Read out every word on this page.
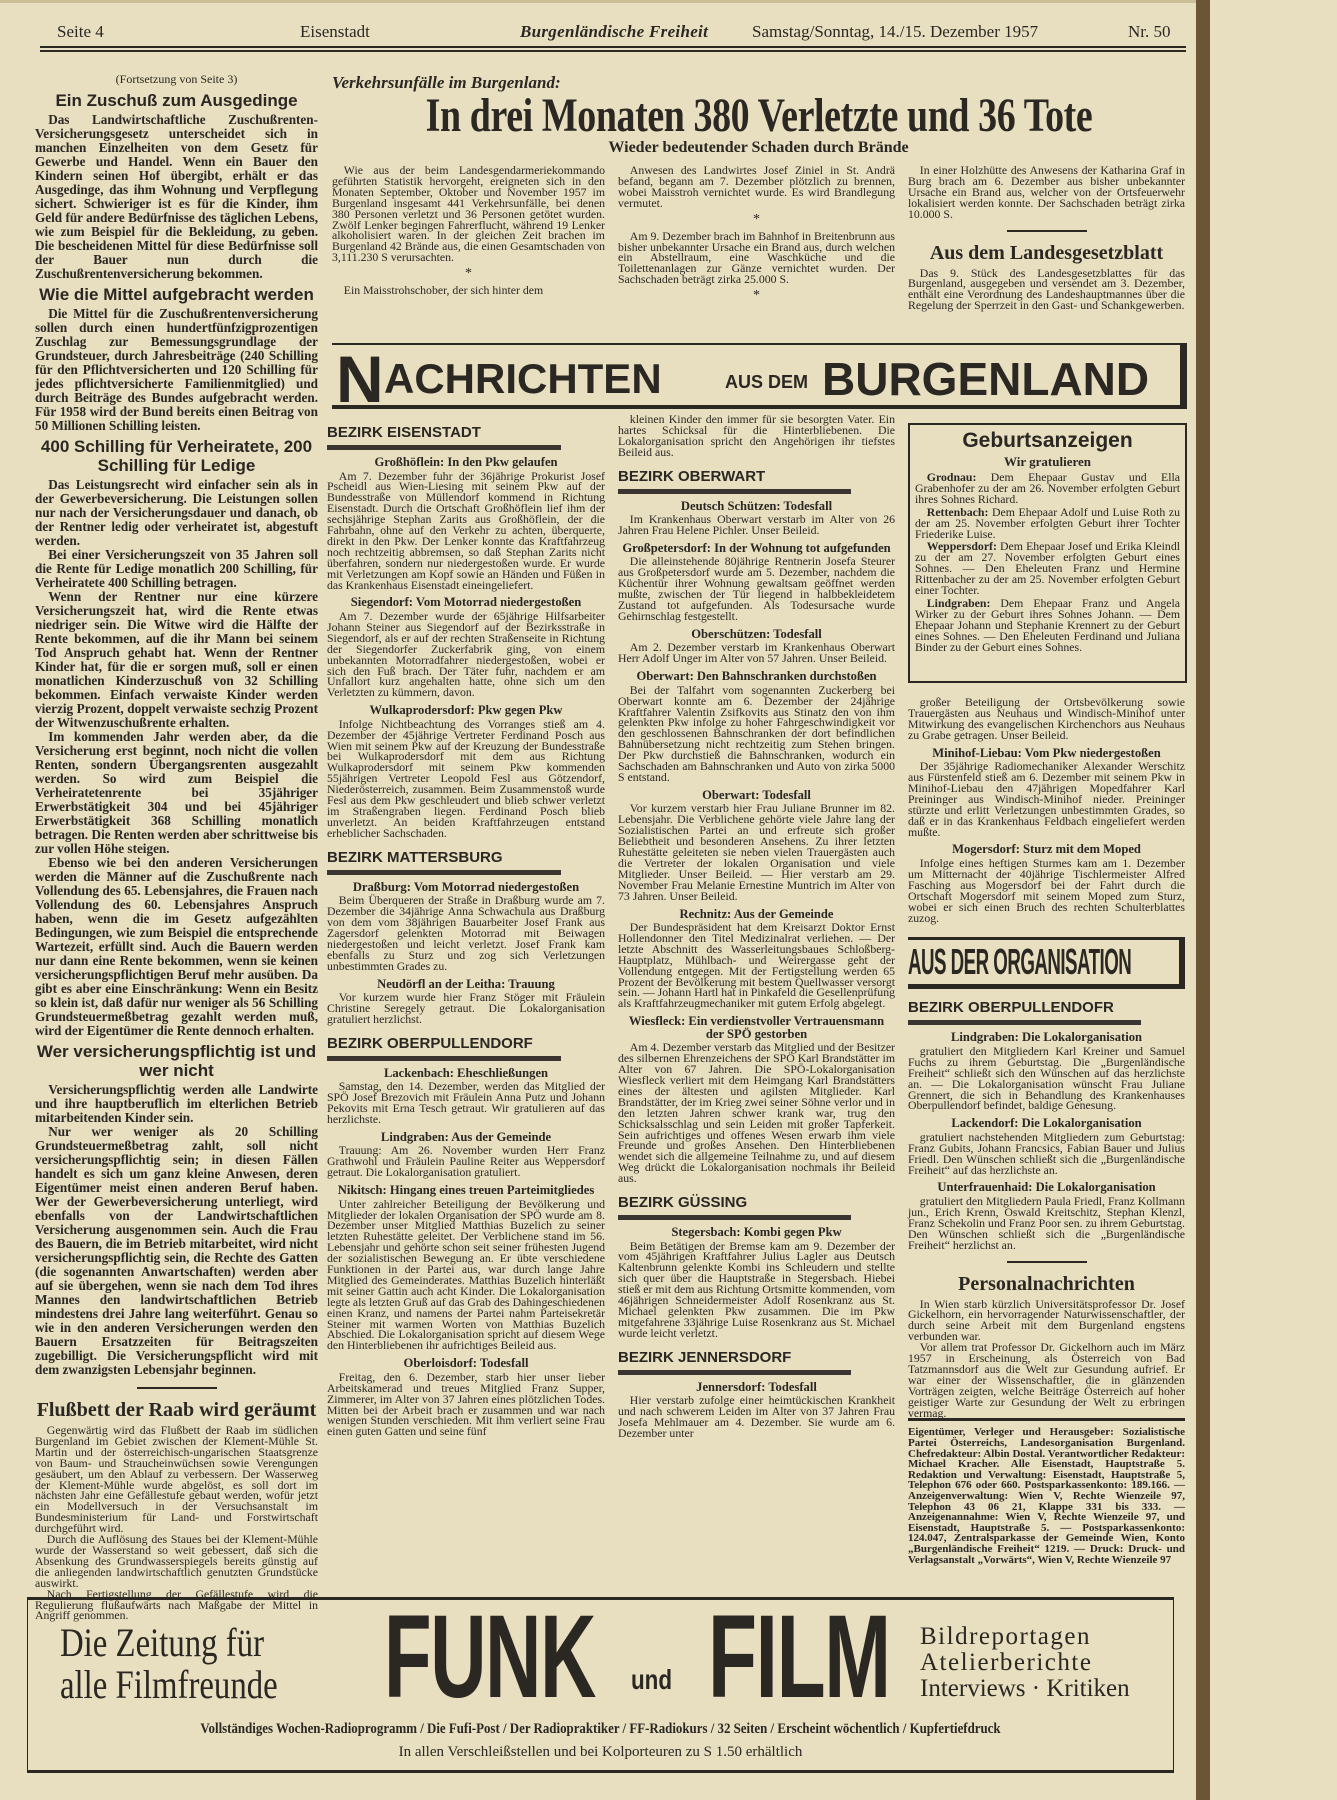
Seite 4	Eisenstadt	Burgenländische Freiheit	Samstag/Sonntag, 14./15. Dezember 1957	Nr. 50
(Fortsetzung von Seite 3)
Ein Zuschuß zum Ausgedinge
Das Landwirtschaftliche Zuschußrenten-Versicherungsgesetz unterscheidet sich in manchen Einzelheiten von dem Gesetz für Gewerbe und Handel. Wenn ein Bauer den Kindern seinen Hof übergibt, erhält er das Ausgedinge, das ihm Wohnung und Verpflegung sichert. Schwieriger ist es für die Kinder, ihm Geld für andere Bedürfnisse des täglichen Lebens, wie zum Beispiel für die Bekleidung, zu geben. Die bescheidenen Mittel für diese Bedürfnisse soll der Bauer nun durch die Zuschußrentenversicherung bekommen.
Wie die Mittel aufgebracht werden
Die Mittel für die Zuschußrentenversicherung sollen durch einen hundertfünfzigprozentigen Zuschlag zur Bemessungsgrundlage der Grundsteuer, durch Jahresbeiträge (240 Schilling für den Pflichtversicherten und 120 Schilling für jedes pflichtversicherte Familienmitglied) und durch Beiträge des Bundes aufgebracht werden. Für 1958 wird der Bund bereits einen Beitrag von 50 Millionen Schilling leisten.
400 Schilling für Verheiratete, 200 Schilling für Ledige
Das Leistungsrecht wird einfacher sein als in der Gewerbeversicherung. Die Leistungen sollen nur nach der Versicherungsdauer und danach, ob der Rentner ledig oder verheiratet ist, abgestuft werden.
Bei einer Versicherungszeit von 35 Jahren soll die Rente für Ledige monatlich 200 Schilling, für Verheiratete 400 Schilling betragen.
Wenn der Rentner nur eine kürzere Versicherungszeit hat, wird die Rente etwas niedriger sein. Die Witwe wird die Hälfte der Rente bekommen, auf die ihr Mann bei seinem Tod Anspruch gehabt hat. Wenn der Rentner Kinder hat, für die er sorgen muß, soll er einen monatlichen Kinderzuschuß von 32 Schilling bekommen. Einfach verwaiste Kinder werden vierzig Prozent, doppelt verwaiste sechzig Prozent der Witwenzuschußrente erhalten.
Im kommenden Jahr werden aber, da die Versicherung erst beginnt, noch nicht die vollen Renten, sondern Übergangsrenten ausgezahlt werden. So wird zum Beispiel die Verheiratetenrente bei 35jähriger Erwerbstätigkeit 304 und bei 45jähriger Erwerbstätigkeit 368 Schilling monatlich betragen. Die Renten werden aber schrittweise bis zur vollen Höhe steigen.
Ebenso wie bei den anderen Versicherungen werden die Männer auf die Zuschußrente nach Vollendung des 65. Lebensjahres, die Frauen nach Vollendung des 60. Lebensjahres Anspruch haben, wenn die im Gesetz aufgezählten Bedingungen, wie zum Beispiel die entsprechende Wartezeit, erfüllt sind. Auch die Bauern werden nur dann eine Rente bekommen, wenn sie keinen versicherungspflichtigen Beruf mehr ausüben. Da gibt es aber eine Einschränkung: Wenn ein Besitz so klein ist, daß dafür nur weniger als 56 Schilling Grundsteuermeßbetrag gezahlt werden muß, wird der Eigentümer die Rente dennoch erhalten.
Wer versicherungspflichtig ist und wer nicht
Versicherungspflichtig werden alle Landwirte und ihre hauptberuflich im elterlichen Betrieb mitarbeitenden Kinder sein.
Nur wer weniger als 20 Schilling Grundsteuermeßbetrag zahlt, soll nicht versicherungspflichtig sein; in diesen Fällen handelt es sich um ganz kleine Anwesen, deren Eigentümer meist einen anderen Beruf haben. Wer der Gewerbeversicherung unterliegt, wird ebenfalls von der Landwirtschaftlichen Versicherung ausgenommen sein. Auch die Frau des Bauern, die im Betrieb mitarbeitet, wird nicht versicherungspflichtig sein, die Rechte des Gatten (die sogenannten Anwartschaften) werden aber auf sie übergehen, wenn sie nach dem Tod ihres Mannes den landwirtschaftlichen Betrieb mindestens drei Jahre lang weiterführt. Genau so wie in den anderen Versicherungen werden den Bauern Ersatzzeiten für Beitragszeiten zugebilligt. Die Versicherungspflicht wird mit dem zwanzigsten Lebensjahr beginnen.
Flußbett der Raab wird geräumt
Gegenwärtig wird das Flußbett der Raab im südlichen Burgenland im Gebiet zwischen der Klement-Mühle St. Martin und der österreichisch-ungarischen Staatsgrenze von Baum- und Straucheinwüchsen sowie Verengungen gesäubert, um den Ablauf zu verbessern. Der Wasserweg der Klement-Mühle wurde abgelöst, es soll dort im nächsten Jahr eine Gefällestufe gebaut werden, wofür jetzt ein Modellversuch in der Versuchsanstalt im Bundesministerium für Land- und Forstwirtschaft durchgeführt wird.
Durch die Auflösung des Staues bei der Klement-Mühle wurde der Wasserstand so weit gebessert, daß sich die Absenkung des Grundwasserspiegels bereits günstig auf die anliegenden landwirtschaftlich genutzten Grundstücke auswirkt.
Nach Fertigstellung der Gefällestufe wird die Regulierung flußaufwärts nach Maßgabe der Mittel in Angriff genommen.
Verkehrsunfälle im Burgenland:
In drei Monaten 380 Verletzte und 36 Tote
Wieder bedeutender Schaden durch Brände
Wie aus der beim Landesgendarmeriekommando geführten Statistik hervorgeht, ereigneten sich in den Monaten September, Oktober und November 1957 im Burgenland insgesamt 441 Verkehrsunfälle, bei denen 380 Personen verletzt und 36 Personen getötet wurden. Zwölf Lenker begingen Fahrerflucht, während 19 Lenker alkoholisiert waren. In der gleichen Zeit brachen im Burgenland 42 Brände aus, die einen Gesamtschaden von 3,111.230 S verursachten.
*
Ein Maisstrohschober, der sich hinter dem
Anwesen des Landwirtes Josef Ziniel in St. Andrä befand, begann am 7. Dezember plötzlich zu brennen, wobei Maisstroh vernichtet wurde. Es wird Brandlegung vermutet.
*
Am 9. Dezember brach im Bahnhof in Breitenbrunn aus bisher unbekannter Ursache ein Brand aus, durch welchen ein Abstellraum, eine Waschküche und die Toilettenanlagen zur Gänze vernichtet wurden. Der Sachschaden beträgt zirka 25.000 S.
*
In einer Holzhütte des Anwesens der Katharina Graf in Burg brach am 6. Dezember aus bisher unbekannter Ursache ein Brand aus, welcher von der Ortsfeuerwehr lokalisiert werden konnte. Der Sachschaden beträgt zirka 10.000 S.
Aus dem Landesgesetzblatt
Das 9. Stück des Landesgesetzblattes für das Burgenland, ausgegeben und versendet am 3. Dezember, enthält eine Verordnung des Landeshauptmannes über die Regelung der Sperrzeit in den Gast- und Schankgewerben.
N ACHRICHTEN	AUS DEM BURGENLAND
BEZIRK EISENSTADT
Großhöflein: In den Pkw gelaufen
Am 7. Dezember fuhr der 36jährige Prokurist Josef Pscheidl aus Wien-Liesing mit seinem Pkw auf der Bundesstraße von Müllendorf kommend in Richtung Eisenstadt. Durch die Ortschaft Großhöflein lief ihm der sechsjährige Stephan Zarits aus Großhöflein, der die Fahrbahn, ohne auf den Verkehr zu achten, überquerte, direkt in den Pkw. Der Lenker konnte das Kraftfahrzeug noch rechtzeitig abbremsen, so daß Stephan Zarits nicht überfahren, sondern nur niedergestoßen wurde. Er wurde mit Verletzungen am Kopf sowie an Händen und Füßen in das Krankenhaus Eisenstadt eineingeliefert.
Siegendorf: Vom Motorrad niedergestoßen
Am 7. Dezember wurde der 65jährige Hilfsarbeiter Johann Steiner aus Siegendorf auf der Bezirksstraße in Siegendorf, als er auf der rechten Straßenseite in Richtung der Siegendorfer Zuckerfabrik ging, von einem unbekannten Motorradfahrer niedergestoßen, wobei er sich den Fuß brach. Der Täter fuhr, nachdem er am Unfallort kurz angehalten hatte, ohne sich um den Verletzten zu kümmern, davon.
Wulkaprodersdorf: Pkw gegen Pkw
Infolge Nichtbeachtung des Vorranges stieß am 4. Dezember der 45jährige Vertreter Ferdinand Posch aus Wien mit seinem Pkw auf der Kreuzung der Bundesstraße bei Wulkaprodersdorf mit dem aus Richtung Wulkaprodersdorf mit seinem Pkw kommenden 55jährigen Vertreter Leopold Fesl aus Götzendorf, Niederösterreich, zusammen. Beim Zusammenstoß wurde Fesl aus dem Pkw geschleudert und blieb schwer verletzt im Straßengraben liegen. Ferdinand Posch blieb unverletzt. An beiden Kraftfahrzeugen entstand erheblicher Sachschaden.
BEZIRK MATTERSBURG
Draßburg: Vom Motorrad niedergestoßen
Beim Überqueren der Straße in Draßburg wurde am 7. Dezember die 34jährige Anna Schwachula aus Draßburg von dem vom 38jährigen Bauarbeiter Josef Frank aus Zagersdorf gelenkten Motorrad mit Beiwagen niedergestoßen und leicht verletzt. Josef Frank kam ebenfalls zu Sturz und zog sich Verletzungen unbestimmten Grades zu.
Neudörfl an der Leitha: Trauung
Vor kurzem wurde hier Franz Stöger mit Fräulein Christine Seregely getraut. Die Lokalorganisation gratuliert herzlichst.
BEZIRK OBERPULLENDORF
Lackenbach: Eheschließungen
Samstag, den 14. Dezember, werden das Mitglied der SPÖ Josef Brezovich mit Fräulein Anna Putz und Johann Pekovits mit Erna Tesch getraut. Wir gratulieren auf das herzlichste.
Lindgraben: Aus der Gemeinde
Trauung: Am 26. November wurden Herr Franz Grathwohl und Fräulein Pauline Reiter aus Weppersdorf getraut. Die Lokalorganisation gratuliert.
Nikitsch: Hingang eines treuen Parteimitgliedes
Unter zahlreicher Beteiligung der Bevölkerung und Mitglieder der lokalen Organisation der SPÖ wurde am 8. Dezember unser Mitglied Matthias Buzelich zu seiner letzten Ruhestätte geleitet. Der Verblichene stand im 56. Lebensjahr und gehörte schon seit seiner frühesten Jugend der sozialistischen Bewegung an. Er übte verschiedene Funktionen in der Partei aus, war durch lange Jahre Mitglied des Gemeinderates. Matthias Buzelich hinterläßt mit seiner Gattin auch acht Kinder. Die Lokalorganisation legte als letzten Gruß auf das Grab des Dahingeschiedenen einen Kranz, und namens der Partei nahm Parteisekretär Steiner mit warmen Worten von Matthias Buzelich Abschied. Die Lokalorganisation spricht auf diesem Wege den Hinterbliebenen ihr aufrichtiges Beileid aus.
Oberloisdorf: Todesfall
Freitag, den 6. Dezember, starb hier unser lieber Arbeitskamerad und treues Mitglied Franz Supper, Zimmerer, im Alter von 37 Jahren eines plötzlichen Todes. Mitten bei der Arbeit brach er zusammen und war nach wenigen Stunden verschieden. Mit ihm verliert seine Frau einen guten Gatten und seine fünf
kleinen Kinder den immer für sie besorgten Vater. Ein hartes Schicksal für die Hinterbliebenen. Die Lokalorganisation spricht den Angehörigen ihr tiefstes Beileid aus.
BEZIRK OBERWART
Deutsch Schützen: Todesfall
Im Krankenhaus Oberwart verstarb im Alter von 26 Jahren Frau Helene Pichler. Unser Beileid.
Großpetersdorf: In der Wohnung tot aufgefunden
Die alleinstehende 80jährige Rentnerin Josefa Steurer aus Großpetersdorf wurde am 5. Dezember, nachdem die Küchentür ihrer Wohnung gewaltsam geöffnet werden mußte, zwischen der Tür liegend in halbbekleidetem Zustand tot aufgefunden. Als Todesursache wurde Gehirnschlag festgestellt.
Oberschützen: Todesfall
Am 2. Dezember verstarb im Krankenhaus Oberwart Herr Adolf Unger im Alter von 57 Jahren. Unser Beileid.
Oberwart: Den Bahnschranken durchstoßen
Bei der Talfahrt vom sogenannten Zuckerberg bei Oberwart konnte am 6. Dezember der 24jährige Kraftfahrer Valentin Zsifkovits aus Stinatz den von ihm gelenkten Pkw infolge zu hoher Fahrgeschwindigkeit vor den geschlossenen Bahnschranken der dort befindlichen Bahnübersetzung nicht rechtzeitig zum Stehen bringen. Der Pkw durchstieß die Bahnschranken, wodurch ein Sachschaden am Bahnschranken und Auto von zirka 5000 S entstand.
Oberwart: Todesfall
Vor kurzem verstarb hier Frau Juliane Brunner im 82. Lebensjahr. Die Verblichene gehörte viele Jahre lang der Sozialistischen Partei an und erfreute sich großer Beliebtheit und besonderen Ansehens. Zu ihrer letzten Ruhestätte geleiteten sie neben vielen Trauergästen auch die Vertreter der lokalen Organisation und viele Mitglieder. Unser Beileid. — Hier verstarb am 29. November Frau Melanie Ernestine Muntrich im Alter von 73 Jahren. Unser Beileid.
Rechnitz: Aus der Gemeinde
Der Bundespräsident hat dem Kreisarzt Doktor Ernst Hollendonner den Titel Medizinalrat verliehen. — Der letzte Abschnitt des Wasserleitungsbaues Schloßberg-Hauptplatz, Mühlbach- und Weirergasse geht der Vollendung entgegen. Mit der Fertigstellung werden 65 Prozent der Bevölkerung mit bestem Quellwasser versorgt sein. — Johann Hartl hat in Pinkafeld die Gesellenprüfung als Kraftfahrzeugmechaniker mit gutem Erfolg abgelegt.
Wiesfleck: Ein verdienstvoller Vertrauensmann der SPÖ gestorben
Am 4. Dezember verstarb das Mitglied und der Besitzer des silbernen Ehrenzeichens der SPÖ Karl Brandstätter im Alter von 67 Jahren. Die SPÖ-Lokalorganisation Wiesfleck verliert mit dem Heimgang Karl Brandstätters eines der ältesten und agilsten Mitglieder. Karl Brandstätter, der im Krieg zwei seiner Söhne verlor und in den letzten Jahren schwer krank war, trug den Schicksalsschlag und sein Leiden mit großer Tapferkeit. Sein aufrichtiges und offenes Wesen erwarb ihm viele Freunde und großes Ansehen. Den Hinterbliebenen wendet sich die allgemeine Teilnahme zu, und auf diesem Weg drückt die Lokalorganisation nochmals ihr Beileid aus.
BEZIRK GÜSSING
Stegersbach: Kombi gegen Pkw
Beim Betätigen der Bremse kam am 9. Dezember der vom 45jährigen Kraftfahrer Julius Lagler aus Deutsch Kaltenbrunn gelenkte Kombi ins Schleudern und stellte sich quer über die Hauptstraße in Stegersbach. Hiebei stieß er mit dem aus Richtung Ortsmitte kommenden, vom 46jährigen Schneidermeister Adolf Rosenkranz aus St. Michael gelenkten Pkw zusammen. Die im Pkw mitgefahrene 33jährige Luise Rosenkranz aus St. Michael wurde leicht verletzt.
BEZIRK JENNERSDORF
Jennersdorf: Todesfall
Hier verstarb zufolge einer heimtückischen Krankheit und nach schwerem Leiden im Alter von 37 Jahren Frau Josefa Mehlmauer am 4. Dezember. Sie wurde am 6. Dezember unter
Geburtsanzeigen
Wir gratulieren
Grodnau: Dem Ehepaar Gustav und Ella Grabenhofer zu der am 26. November erfolgten Geburt ihres Sohnes Richard.
Rettenbach: Dem Ehepaar Adolf und Luise Roth zu der am 25. November erfolgten Geburt ihrer Tochter Friederike Luise.
Weppersdorf: Dem Ehepaar Josef und Erika Kleindl zu der am 27. November erfolgten Geburt eines Sohnes. — Den Eheleuten Franz und Hermine Rittenbacher zu der am 25. November erfolgten Geburt einer Tochter.
Lindgraben: Dem Ehepaar Franz und Angela Wirker zu der Geburt ihres Sohnes Johann. — Dem Ehepaar Johann und Stephanie Krennert zu der Geburt eines Sohnes. — Den Eheleuten Ferdinand und Juliana Binder zu der Geburt eines Sohnes.
großer Beteiligung der Ortsbevölkerung sowie Trauergästen aus Neuhaus und Windisch-Minihof unter Mitwirkung des evangelischen Kirchenchors aus Neuhaus zu Grabe getragen. Unser Beileid.
Minihof-Liebau: Vom Pkw niedergestoßen
Der 35jährige Radiomechaniker Alexander Werschitz aus Fürstenfeld stieß am 6. Dezember mit seinem Pkw in Minihof-Liebau den 47jährigen Mopedfahrer Karl Preininger aus Windisch-Minihof nieder. Preininger stürzte und erlitt Verletzungen unbestimmten Grades, so daß er in das Krankenhaus Feldbach eingeliefert werden mußte.
Mogersdorf: Sturz mit dem Moped
Infolge eines heftigen Sturmes kam am 1. Dezember um Mitternacht der 40jährige Tischlermeister Alfred Fasching aus Mogersdorf bei der Fahrt durch die Ortschaft Mogersdorf mit seinem Moped zum Sturz, wobei er sich einen Bruch des rechten Schulterblattes zuzog.
AUS DER ORGANISATION
BEZIRK OBERPULLENDOFR
Lindgraben: Die Lokalorganisation
gratuliert den Mitgliedern Karl Kreiner und Samuel Fuchs zu ihrem Geburtstag. Die „Burgenländische Freiheit“ schließt sich den Wünschen auf das herzlichste an. — Die Lokalorganisation wünscht Frau Juliane Grennert, die sich in Behandlung des Krankenhauses Oberpullendorf befindet, baldige Genesung.
Lackendorf: Die Lokalorganisation
gratuliert nachstehenden Mitgliedern zum Geburtstag: Franz Gubits, Johann Francsics, Fabian Bauer und Julius Friedl. Den Wünschen schließt sich die „Burgenländische Freiheit“ auf das herzlichste an.
Unterfrauenhaid: Die Lokalorganisation
gratuliert den Mitgliedern Paula Friedl, Franz Kollmann jun., Erich Krenn, Oswald Kreitschitz, Stephan Klenzl, Franz Schekolin und Franz Poor sen. zu ihrem Geburtstag. Den Wünschen schließt sich die „Burgenländische Freiheit“ herzlichst an.
Personalnachrichten
In Wien starb kürzlich Universitätsprofessor Dr. Josef Gickelhorn, ein hervorragender Naturwissenschaftler, der durch seine Arbeit mit dem Burgenland engstens verbunden war.
Vor allem trat Professor Dr. Gickelhorn auch im März 1957 in Erscheinung, als Österreich von Bad Tatzmannsdorf aus die Welt zur Gesundung aufrief. Er war einer der Wissenschaftler, die in glänzenden Vorträgen zeigten, welche Beiträge Österreich auf hoher geistiger Warte zur Gesundung der Welt zu erbringen vermag.
Eigentümer, Verleger und Herausgeber: Sozialistische Partei Österreichs, Landesorganisation Burgenland. Chefredakteur: Albin Dostal. Verantwortlicher Redakteur: Michael Kracher. Alle Eisenstadt, Hauptstraße 5. Redaktion und Verwaltung: Eisenstadt, Hauptstraße 5, Telephon 676 oder 660. Postsparkassenkonto: 189.166. — Anzeigenverwaltung: Wien V, Rechte Wienzeile 97, Telephon 43 06 21, Klappe 331 bis 333. — Anzeigenannahme: Wien V, Rechte Wienzeile 97, und Eisenstadt, Hauptstraße 5. — Postsparkassenkonto: 124.047, Zentralsparkasse der Gemeinde Wien, Konto „Burgenländische Freiheit“ 1219. — Druck: Druck- und Verlagsanstalt „Vorwärts“, Wien V, Rechte Wienzeile 97
Die Zeitung für
alle Filmfreunde FUNK und FILM Bildreportagen
Atelierberichte
Interviews · Kritiken
Vollständiges Wochen-Radioprogramm / Die Fufi-Post / Der Radiopraktiker / FF-Radiokurs / 32 Seiten / Erscheint wöchentlich / Kupfertiefdruck
In allen Verschleißstellen und bei Kolporteuren zu S 1.50 erhältlich
